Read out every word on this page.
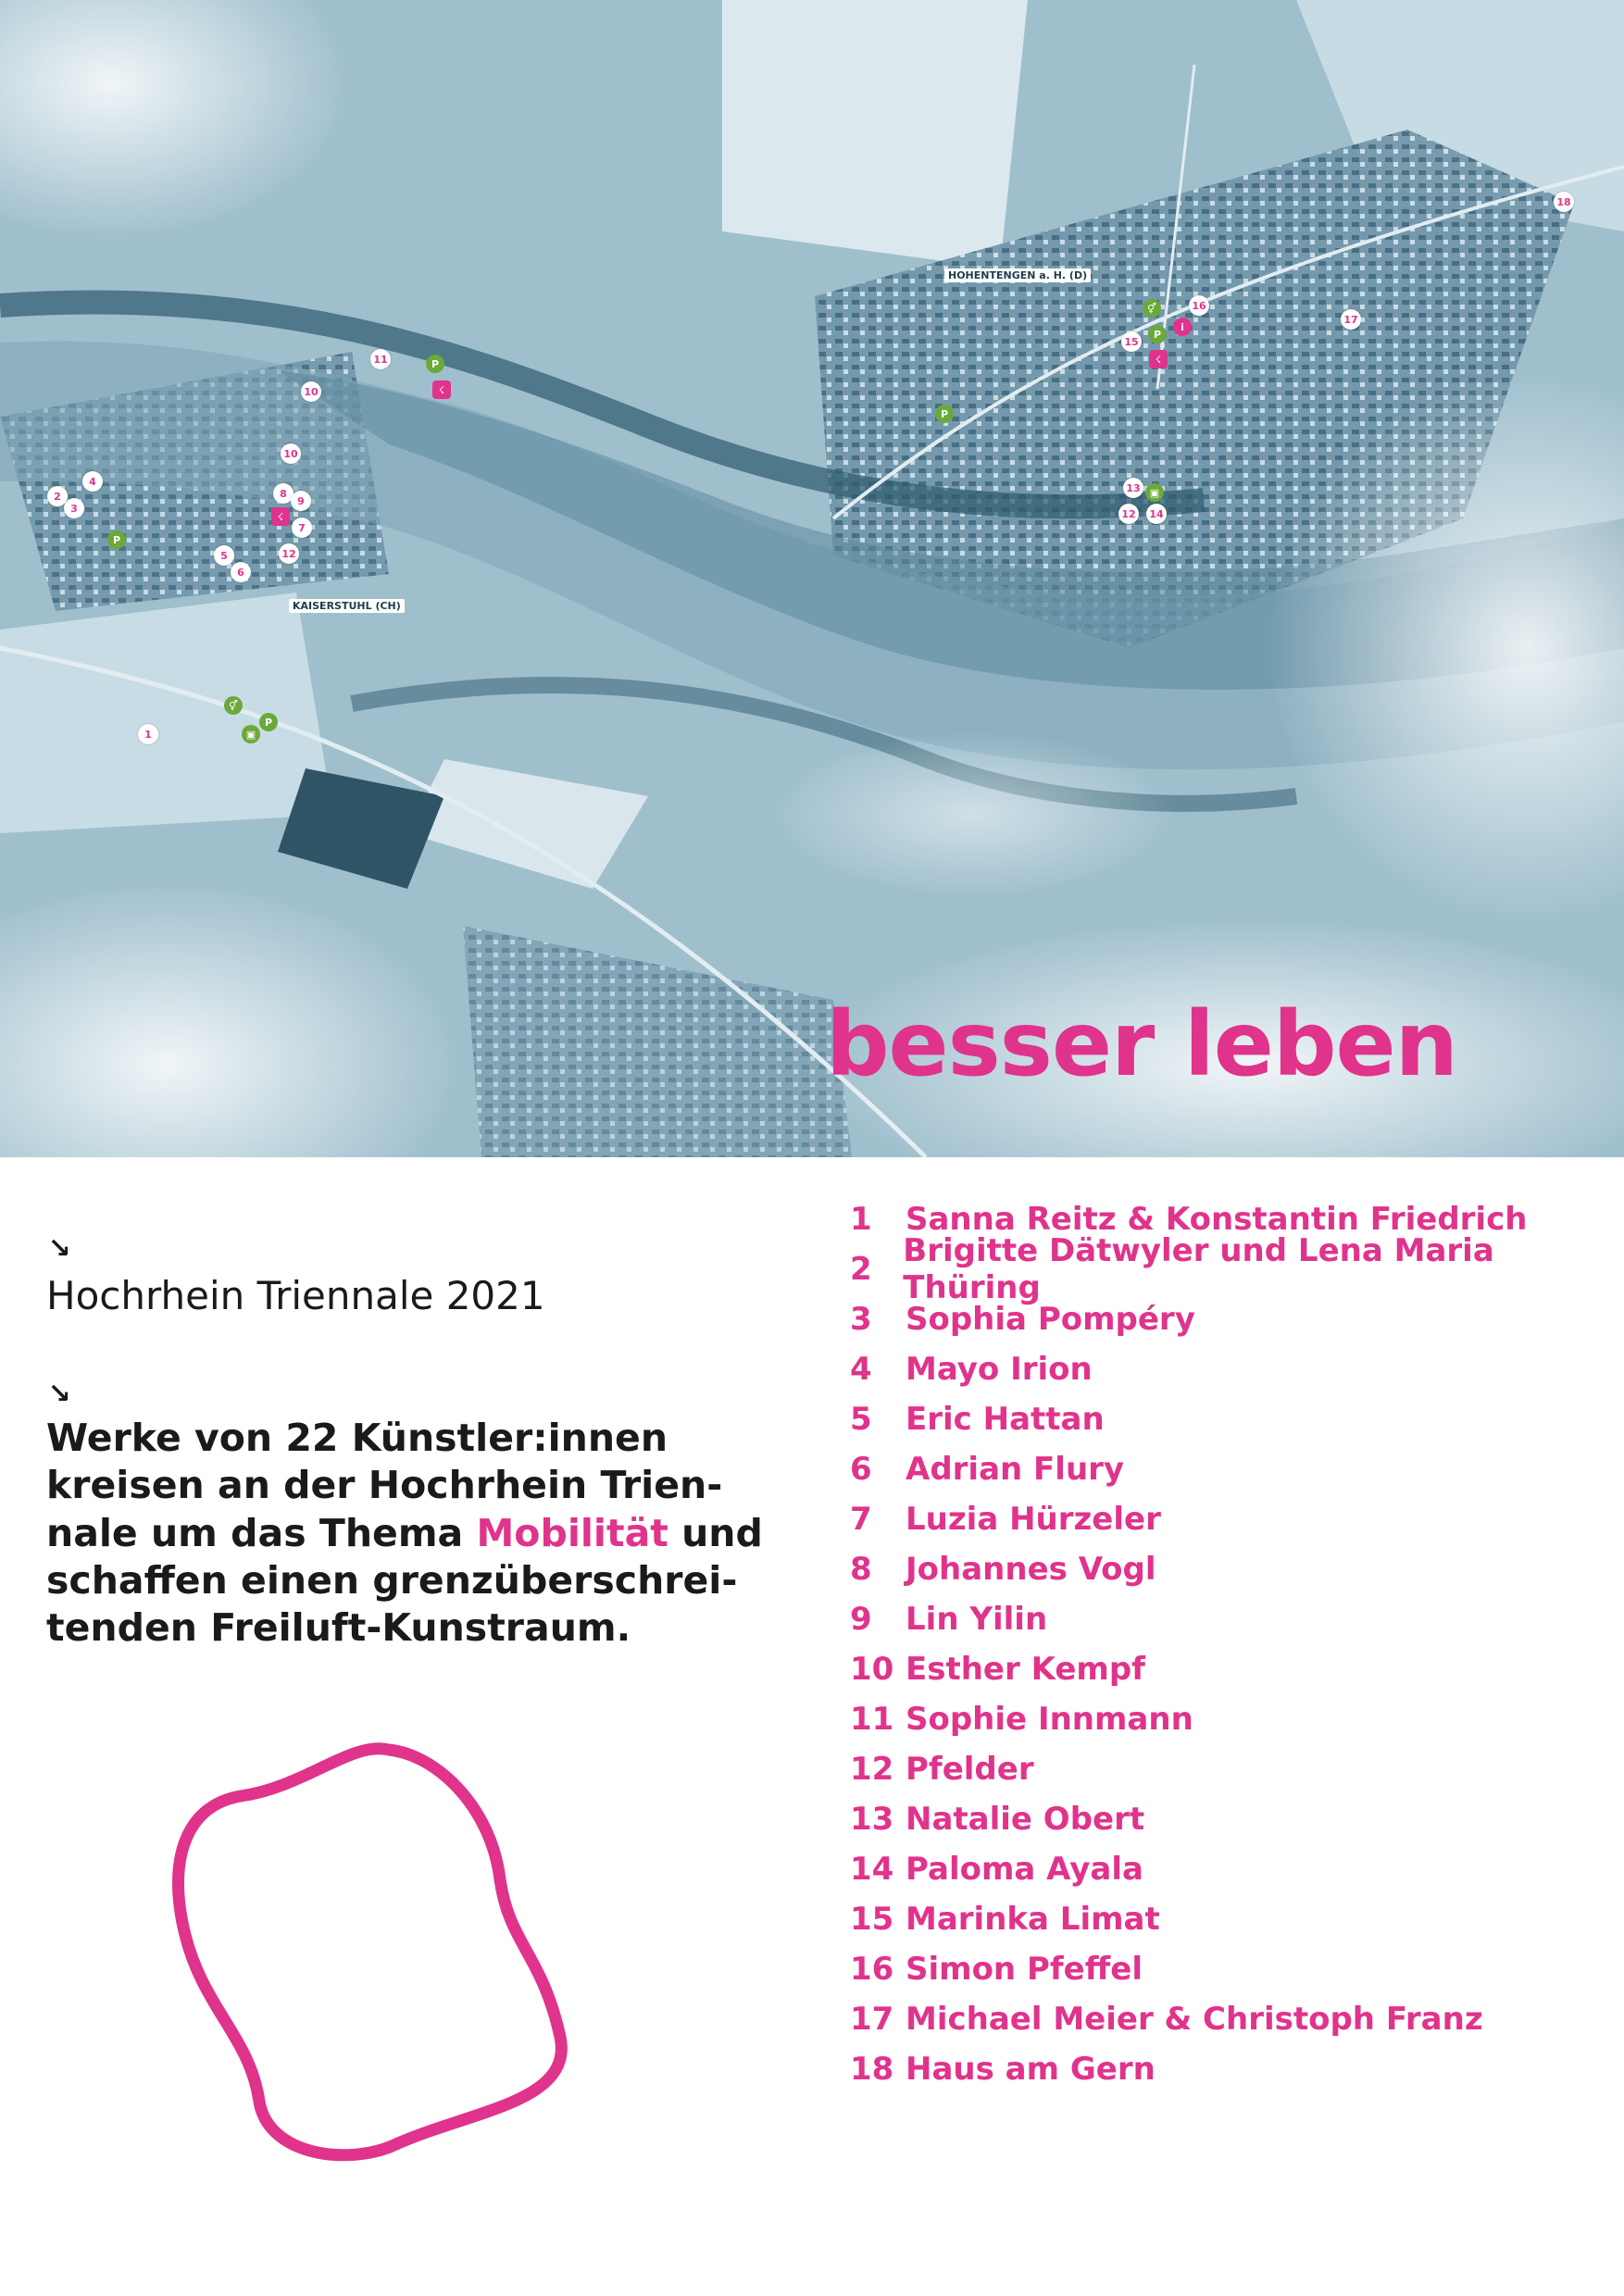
HOHENTENGEN a. H. (D)
KAISERSTUHL (CH)
1
2
3
4
5
6
7
8
9
10
10
11
12
12
13
14
15
16
17
18
P
P
P
P
P
⚥
⚥
▣
▣
i
☇
☇
☇
besser leben
→
Hochrhein Triennale 2021
→

Werke von 22 Künstler:innen kreisen an der Hochrhein Triennale um das Thema Mobilität und schaffen einen grenzüberschreitenden Freiluft-Kunstraum.

1	Sanna Reitz & Konstantin Friedrich
2 Brigitte Dätwyler und Lena Maria Thüring
3	Sophia Pompéry
4	Mayo Irion
5	Eric Hattan
6	Adrian Flury
7	Luzia Hürzeler
8	Johannes Vogl
9	Lin Yilin
10 Esther Kempf
11 Sophie Innmann
12 Pfelder
13 Natalie Obert
14 Paloma Ayala
15 Marinka Limat
16 Simon Pfeffel
17 Michael Meier & Christoph Franz
18 Haus am Gern
